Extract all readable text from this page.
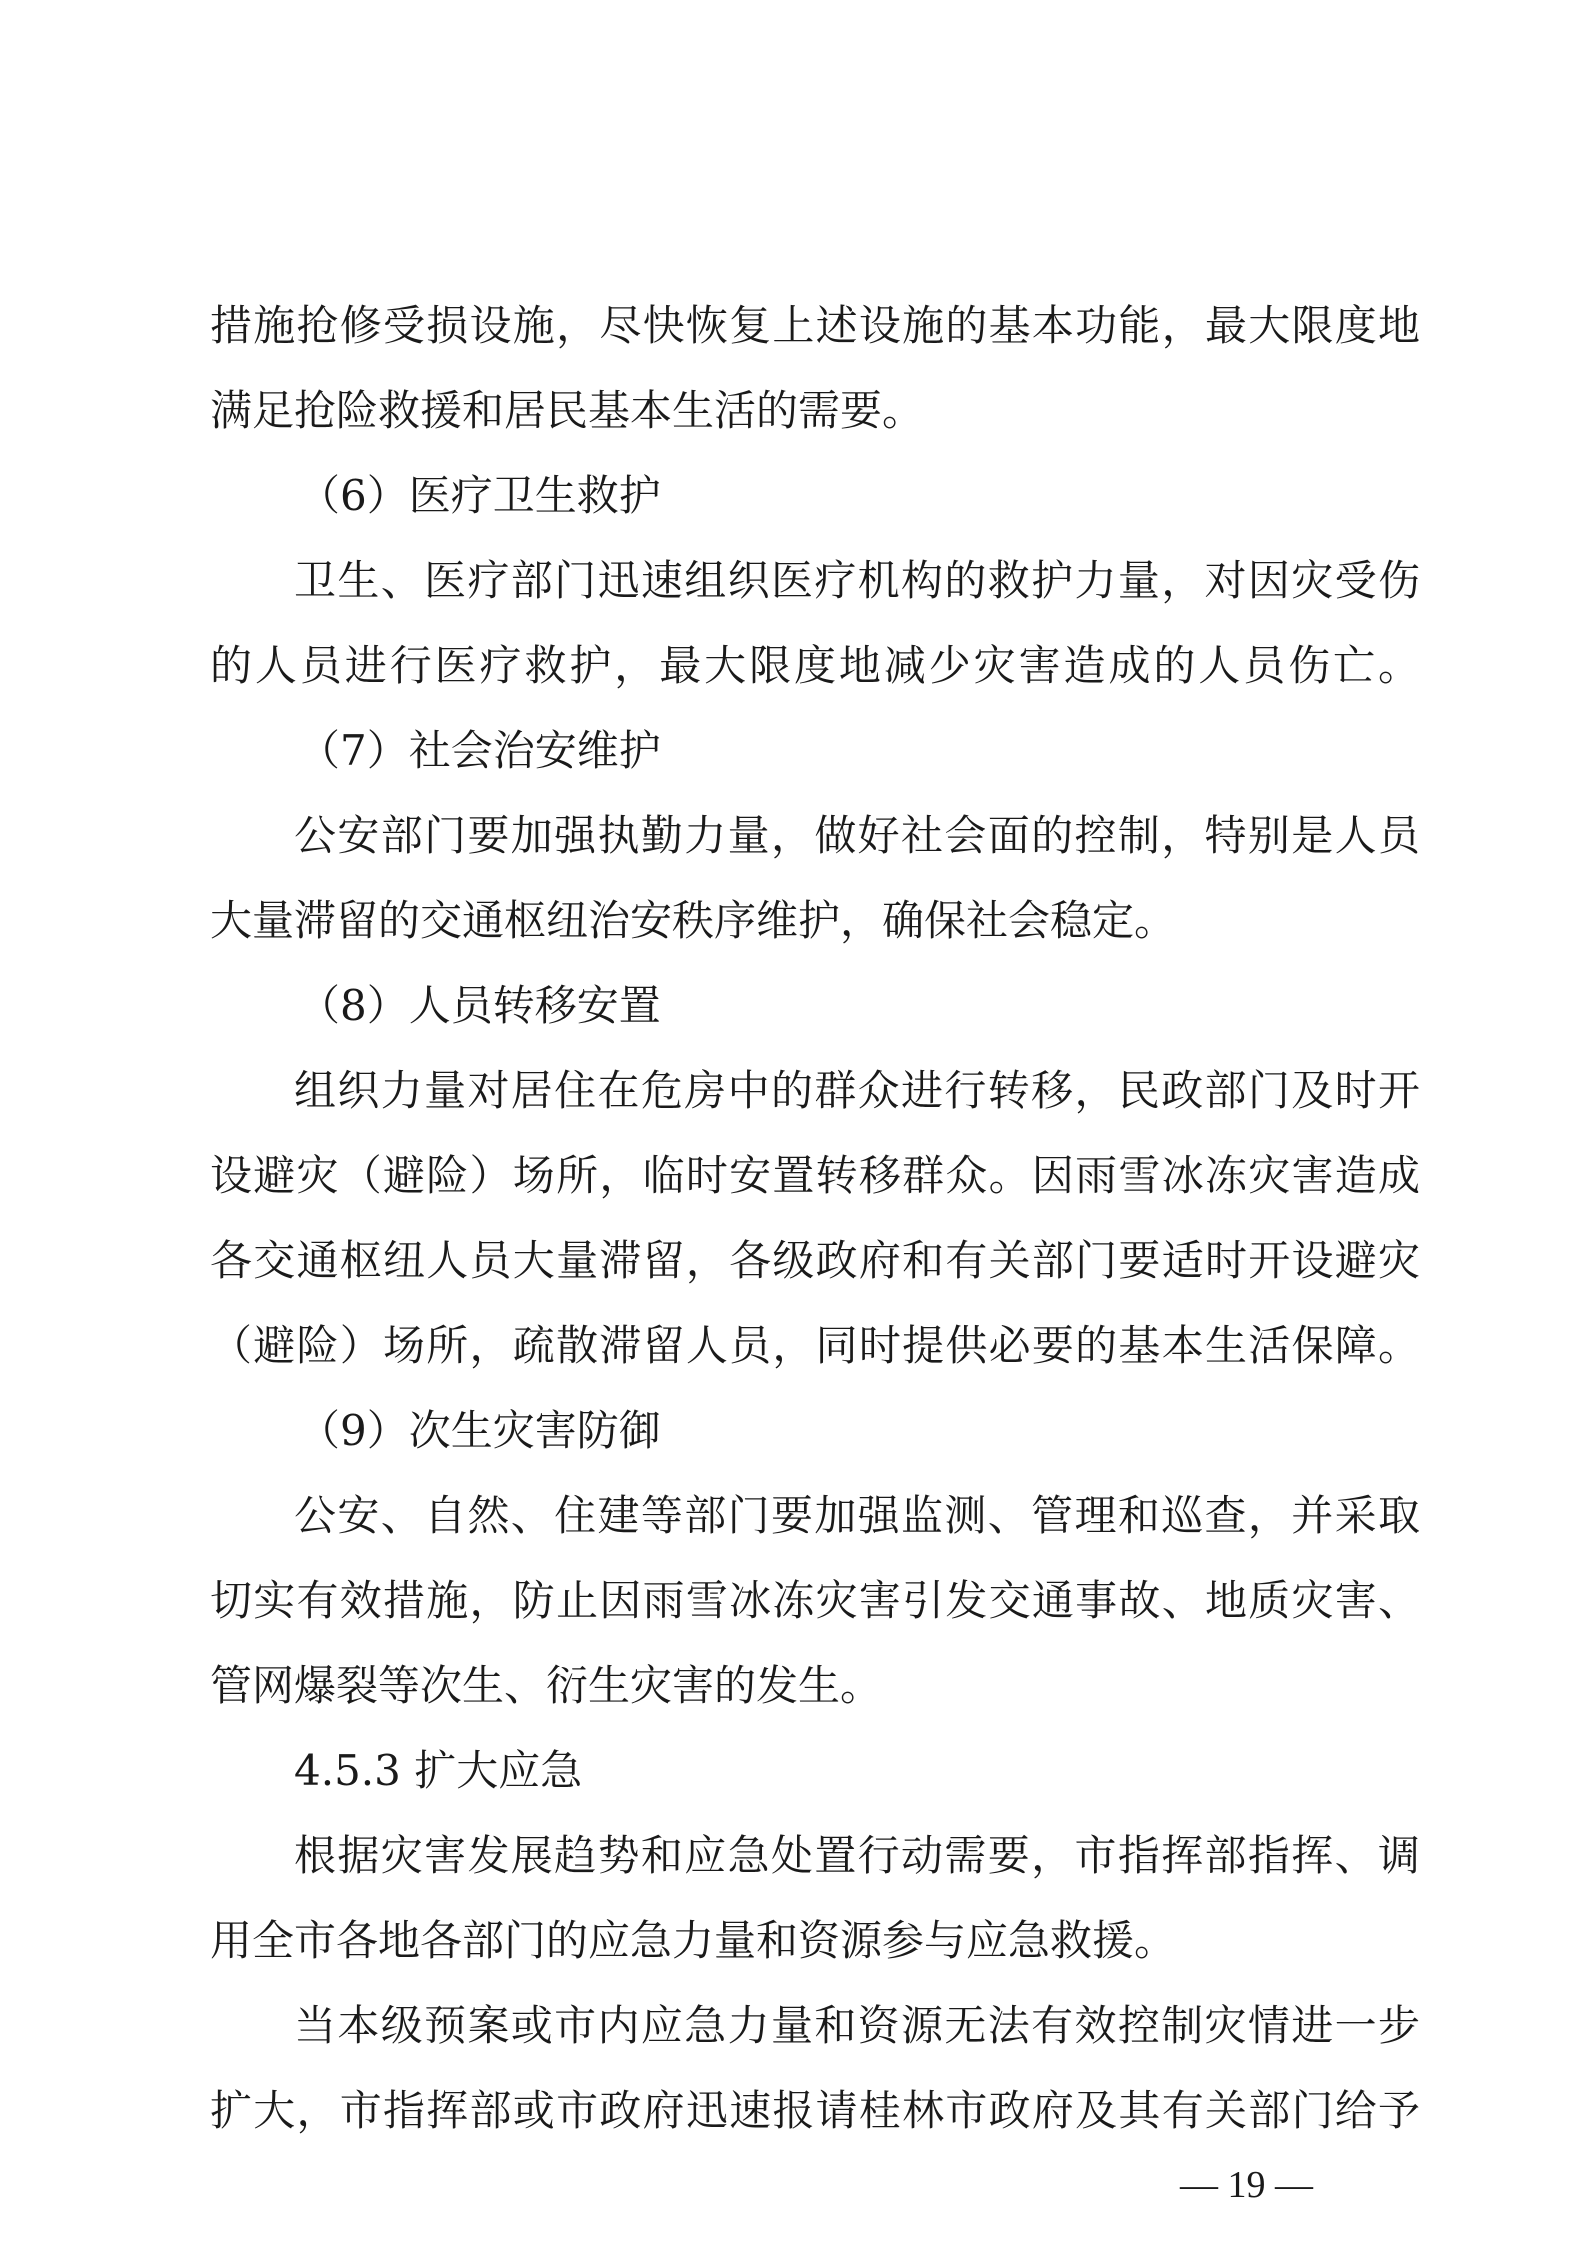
措施抢修受损设施，尽快恢复上述设施的基本功能，最大限度地
满足抢险救援和居民基本生活的需要。
（6）医疗卫生救护
卫生、医疗部门迅速组织医疗机构的救护力量，对因灾受伤
的人员进行医疗救护，最大限度地减少灾害造成的人员伤亡。
（7）社会治安维护
公安部门要加强执勤力量，做好社会面的控制，特别是人员
大量滞留的交通枢纽治安秩序维护，确保社会稳定。
（8）人员转移安置
组织力量对居住在危房中的群众进行转移，民政部门及时开
设避灾（避险）场所，临时安置转移群众。因雨雪冰冻灾害造成
各交通枢纽人员大量滞留，各级政府和有关部门要适时开设避灾
（避险）场所，疏散滞留人员，同时提供必要的基本生活保障。
（9）次生灾害防御
公安、自然、住建等部门要加强监测、管理和巡查，并采取
切实有效措施，防止因雨雪冰冻灾害引发交通事故、地质灾害、
管网爆裂等次生、衍生灾害的发生。
4.5.3 扩大应急
根据灾害发展趋势和应急处置行动需要，市指挥部指挥、调
用全市各地各部门的应急力量和资源参与应急救援。
当本级预案或市内应急力量和资源无法有效控制灾情进一步
扩大，市指挥部或市政府迅速报请桂林市政府及其有关部门给予
— 19 —
